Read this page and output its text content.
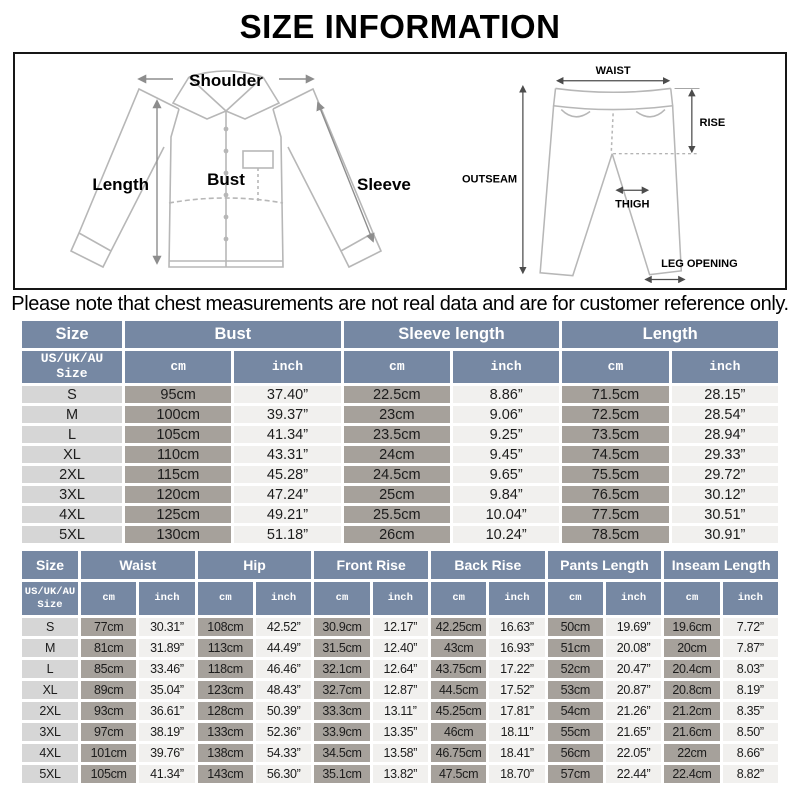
SIZE INFORMATION
Shoulder
Length	Bust	Sleeve
WAIST
RISE
OUTSEAM
THIGH
LEG OPENING
Please note that chest measurements are not real data and are for customer reference only.
Size	Bust		Sleeve length		Length	
US/UK/AU Size	cm	inch	cm	inch	cm	inch
S	95cm	37.40”	22.5cm	8.86”	71.5cm	28.15”
M	100cm	39.37”	23cm	9.06”	72.5cm	28.54”
L	105cm	41.34”	23.5cm	9.25”	73.5cm	28.94”
XL	110cm	43.31”	24cm	9.45”	74.5cm	29.33”
2XL	115cm	45.28”	24.5cm	9.65”	75.5cm	29.72”
3XL	120cm	47.24”	25cm	9.84”	76.5cm	30.12”
4XL	125cm	49.21”	25.5cm	10.04”	77.5cm	30.51”
5XL	130cm	51.18”	26cm	10.24”	78.5cm	30.91”
Size	Waist		Hip		Front Rise		Back Rise		Pants Length		Inseam Length	
US/UK/AU Size	cm	inch	cm	inch	cm	inch	cm	inch	cm	inch	cm	inch
S	77cm	30.31”	108cm	42.52”	30.9cm	12.17”	42.25cm	16.63”	50cm	19.69”	19.6cm	7.72”
M	81cm	31.89”	113cm	44.49”	31.5cm	12.40”	43cm	16.93”	51cm	20.08”	20cm	7.87”
L	85cm	33.46”	118cm	46.46”	32.1cm	12.64”	43.75cm	17.22”	52cm	20.47”	20.4cm	8.03”
XL	89cm	35.04”	123cm	48.43”	32.7cm	12.87”	44.5cm	17.52”	53cm	20.87”	20.8cm	8.19”
2XL	93cm	36.61”	128cm	50.39”	33.3cm	13.11”	45.25cm	17.81”	54cm	21.26”	21.2cm	8.35”
3XL	97cm	38.19”	133cm	52.36”	33.9cm	13.35”	46cm	18.11”	55cm	21.65”	21.6cm	8.50”
4XL	101cm	39.76”	138cm	54.33”	34.5cm	13.58”	46.75cm	18.41”	56cm	22.05”	22cm	8.66”
5XL	105cm	41.34”	143cm	56.30”	35.1cm	13.82”	47.5cm	18.70”	57cm	22.44”	22.4cm	8.82”
